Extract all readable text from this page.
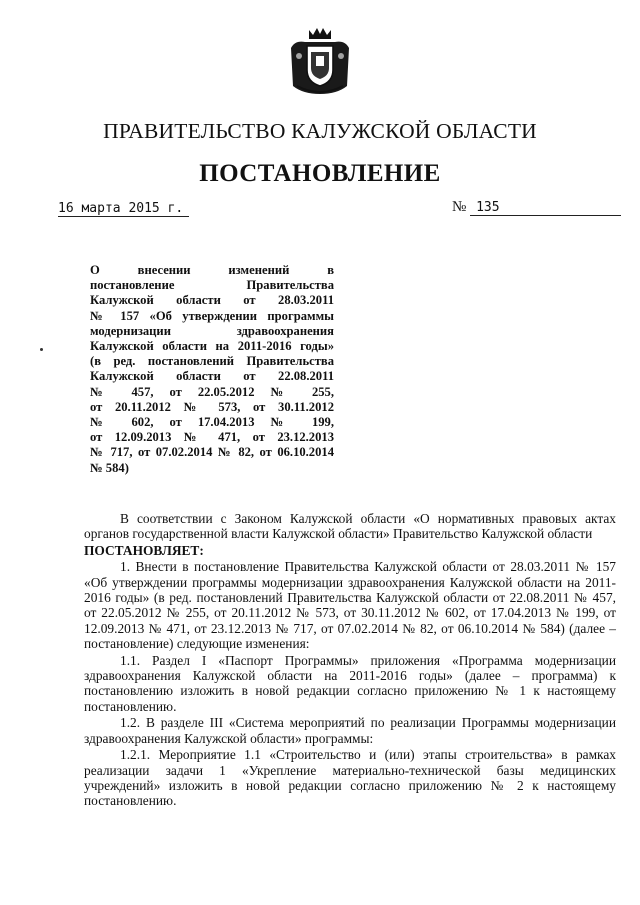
ПРАВИТЕЛЬСТВО КАЛУЖСКОЙ ОБЛАСТИ
ПОСТАНОВЛЕНИЕ
16 марта 2015 г.	№ 135
О внесении изменений в
постановление Правительства
Калужской области от 28.03.2011
№ 157 «Об утверждении программы
модернизации здравоохранения
Калужской области на 2011-2016 годы»
(в ред. постановлений Правительства
Калужской области от 22.08.2011
№ 457, от 22.05.2012 № 255,
от 20.11.2012 № 573, от 30.11.2012
№ 602, от 17.04.2013 № 199,
от 12.09.2013 № 471, от 23.12.2013
№ 717, от 07.02.2014 № 82, от 06.10.2014
№ 584)

В соответствии с Законом Калужской области «О нормативных правовых актах органов государственной власти Калужской области» Правительство Калужской области

ПОСТАНОВЛЯЕТ:

1. Внести в постановление Правительства Калужской области от 28.03.2011 № 157 «Об утверждении программы модернизации здравоохранения Калужской области на 2011-2016 годы» (в ред. постановлений Правительства Калужской области от 22.08.2011 № 457, от 22.05.2012 № 255, от 20.11.2012 № 573, от 30.11.2012 № 602, от 17.04.2013 № 199, от 12.09.2013 № 471, от 23.12.2013 № 717, от 07.02.2014 № 82, от 06.10.2014 № 584) (далее – постановление) следующие изменения:

1.1. Раздел I «Паспорт Программы» приложения «Программа модернизации здравоохранения Калужской области на 2011-2016 годы» (далее – программа) к постановлению изложить в новой редакции согласно приложению № 1 к настоящему постановлению.

1.2. В разделе III «Система мероприятий по реализации Программы модернизации здравоохранения Калужской области» программы:

1.2.1. Мероприятие 1.1 «Строительство и (или) этапы строительства» в рамках реализации задачи 1 «Укрепление материально-технической базы медицинских учреждений» изложить в новой редакции согласно приложению № 2 к настоящему постановлению.
